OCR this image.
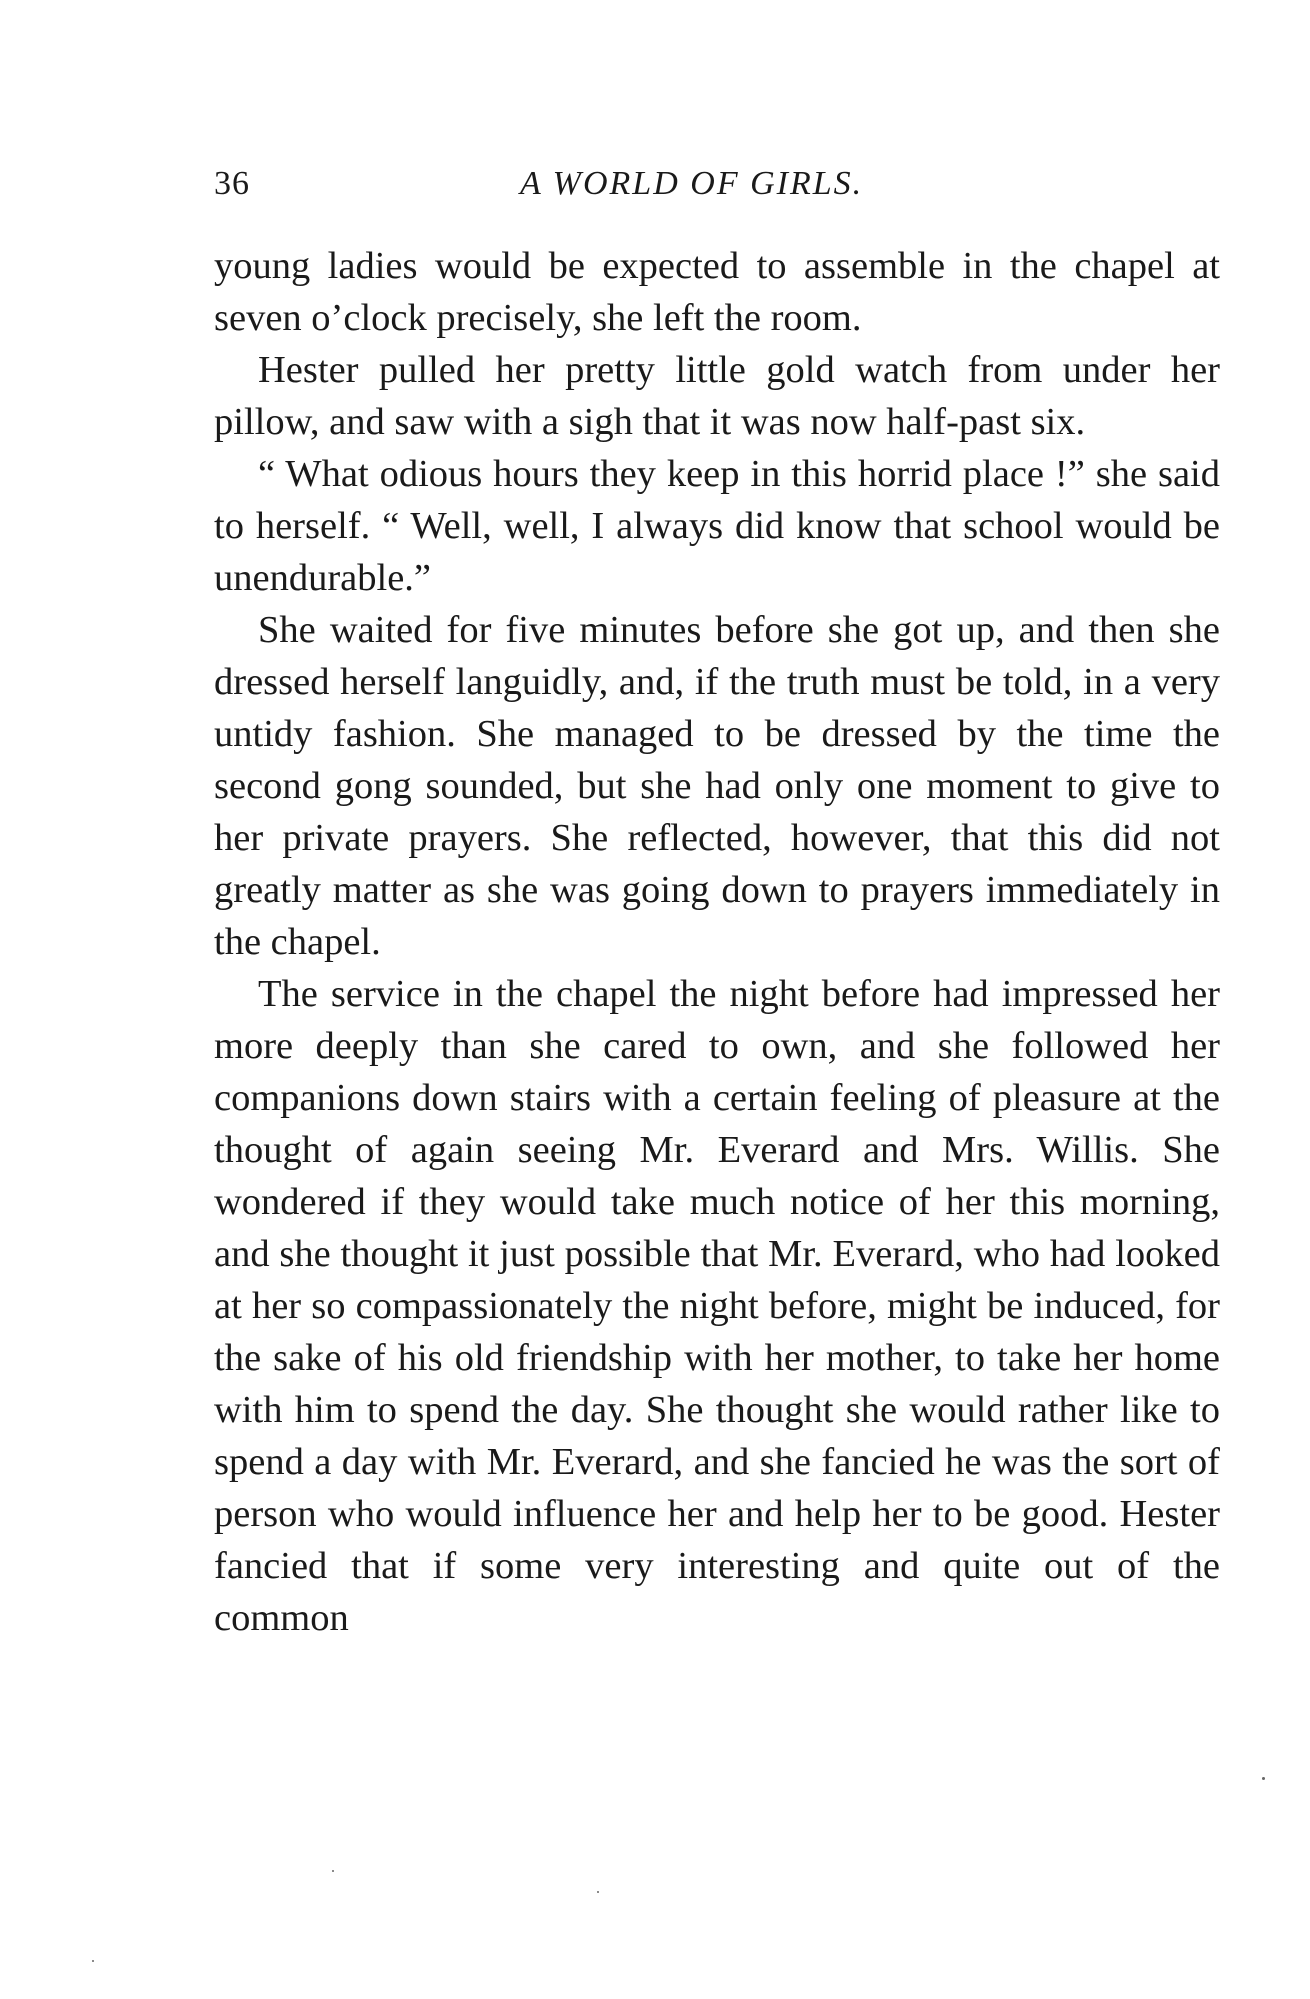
36	A WORLD OF GIRLS.

young ladies would be expected to assemble in the chapel at seven o’clock precisely, she left the room.

Hester pulled her pretty little gold watch from under her pillow, and saw with a sigh that it was now half-past six.

“ What odious hours they keep in this horrid place !” she said to herself. “ Well, well, I always did know that school would be unendurable.”

She waited for five minutes before she got up, and then she dressed herself languidly, and, if the truth must be told, in a very untidy fashion. She managed to be dressed by the time the second gong sounded, but she had only one moment to give to her private prayers. She reflected, however, that this did not greatly matter as she was going down to prayers immediately in the chapel.

The service in the chapel the night before had impressed her more deeply than she cared to own, and she followed her companions down stairs with a certain feeling of pleasure at the thought of again seeing Mr. Everard and Mrs. Willis. She wondered if they would take much notice of her this morning, and she thought it just possible that Mr. Everard, who had looked at her so compassionately the night before, might be induced, for the sake of his old friendship with her mother, to take her home with him to spend the day. She thought she would rather like to spend a day with Mr. Everard, and she fancied he was the sort of person who would influence her and help her to be good. Hester fancied that if some very interesting and quite out of the common
